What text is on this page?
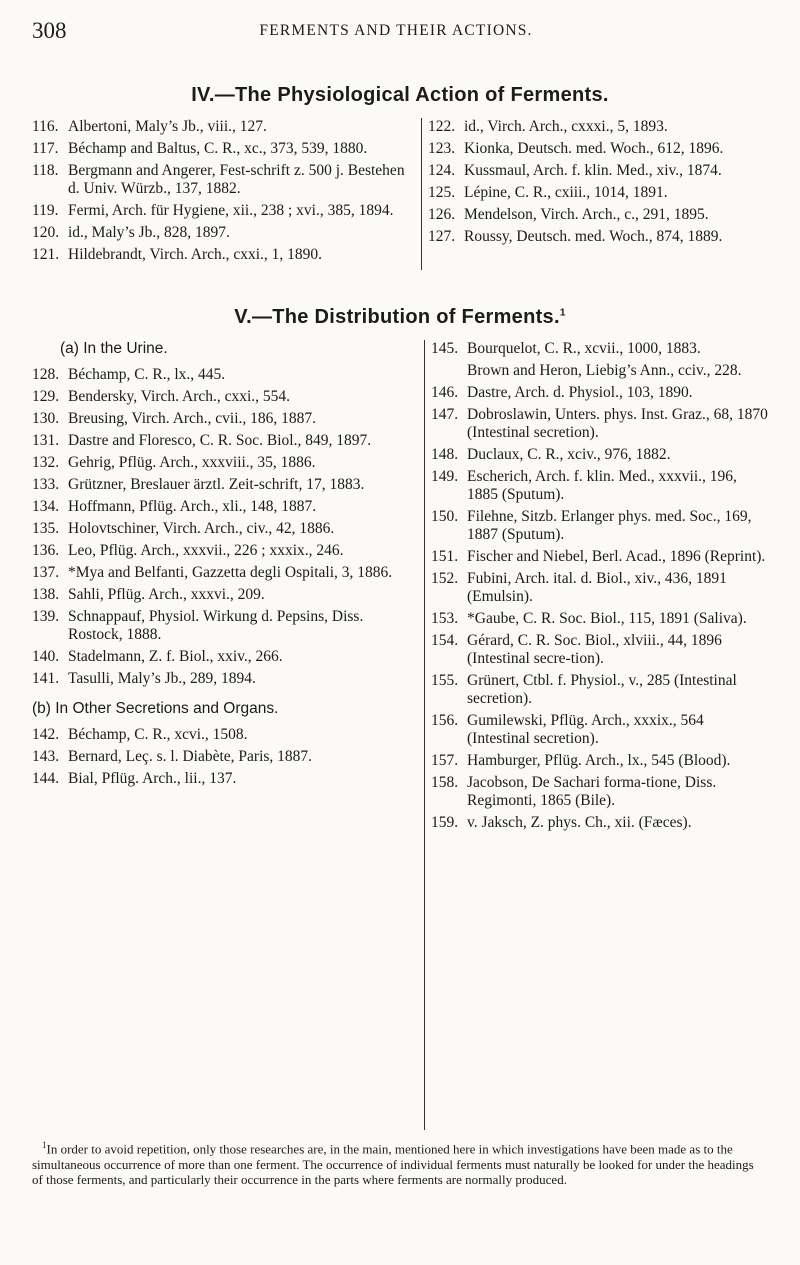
308	FERMENTS AND THEIR ACTIONS.
IV.—The Physiological Action of Ferments.
116. Albertoni, Maly’s Jb., viii., 127.
117. Béchamp and Baltus, C. R., xc., 373, 539, 1880.
118. Bergmann and Angerer, Fest-schrift z. 500 j. Bestehen d. Univ. Würzb., 137, 1882.
119. Fermi, Arch. für Hygiene, xii., 238 ; xvi., 385, 1894.
120. id., Maly’s Jb., 828, 1897.
121. Hildebrandt, Virch. Arch., cxxi., 1, 1890.
122. id., Virch. Arch., cxxxi., 5, 1893.
123. Kionka, Deutsch. med. Woch., 612, 1896.
124. Kussmaul, Arch. f. klin. Med., xiv., 1874.
125. Lépine, C. R., cxiii., 1014, 1891.
126. Mendelson, Virch. Arch., c., 291, 1895.
127. Roussy, Deutsch. med. Woch., 874, 1889.
V.—The Distribution of Ferments.$^1$
(a) In the Urine.
128. Béchamp, C. R., lx., 445.
129. Bendersky, Virch. Arch., cxxi., 554.
130. Breusing, Virch. Arch., cvii., 186, 1887.
131. Dastre and Floresco, C. R. Soc. Biol., 849, 1897.
132. Gehrig, Pflüg. Arch., xxxviii., 35, 1886.
133. Grützner, Breslauer ärztl. Zeit-schrift, 17, 1883.
134. Hoffmann, Pflüg. Arch., xli., 148, 1887.
135. Holovtschiner, Virch. Arch., civ., 42, 1886.
136. Leo, Pflüg. Arch., xxxvii., 226 ; xxxix., 246.
137. *Mya and Belfanti, Gazzetta degli Ospitali, 3, 1886.
138. Sahli, Pflüg. Arch., xxxvi., 209.
139. Schnappauf, Physiol. Wirkung d. Pepsins, Diss. Rostock, 1888.
140. Stadelmann, Z. f. Biol., xxiv., 266.
141. Tasulli, Maly’s Jb., 289, 1894.
(b) In Other Secretions and Organs.
142. Béchamp, C. R., xcvi., 1508.
143. Bernard, Leç. s. l. Diabète, Paris, 1887.
144. Bial, Pflüg. Arch., lii., 137.
145. Bourquelot, C. R., xcvii., 1000, 1883.
Brown and Heron, Liebig’s Ann., cciv., 228.
146. Dastre, Arch. d. Physiol., 103, 1890.
147. Dobroslawin, Unters. phys. Inst. Graz., 68, 1870 (Intestinal secretion).
148. Duclaux, C. R., xciv., 976, 1882.
149. Escherich, Arch. f. klin. Med., xxxvii., 196, 1885 (Sputum).
150. Filehne, Sitzb. Erlanger phys. med. Soc., 169, 1887 (Sputum).
151. Fischer and Niebel, Berl. Acad., 1896 (Reprint).
152. Fubini, Arch. ital. d. Biol., xiv., 436, 1891 (Emulsin).
153. *Gaube, C. R. Soc. Biol., 115, 1891 (Saliva).
154. Gérard, C. R. Soc. Biol., xlviii., 44, 1896 (Intestinal secre-tion).
155. Grünert, Ctbl. f. Physiol., v., 285 (Intestinal secretion).
156. Gumilewski, Pflüg. Arch., xxxix., 564 (Intestinal secretion).
157. Hamburger, Pflüg. Arch., lx., 545 (Blood).
158. Jacobson, De Sachari forma-tione, Diss. Regimonti, 1865 (Bile).
159. v. Jaksch, Z. phys. Ch., xii. (Fæces).
$^1$In order to avoid repetition, only those researches are, in the main, mentioned here in which investigations have been made as to the simultaneous occurrence of more than one ferment. The occurrence of individual ferments must naturally be looked for under the headings of those ferments, and particularly their occurrence in the parts where ferments are normally produced.
